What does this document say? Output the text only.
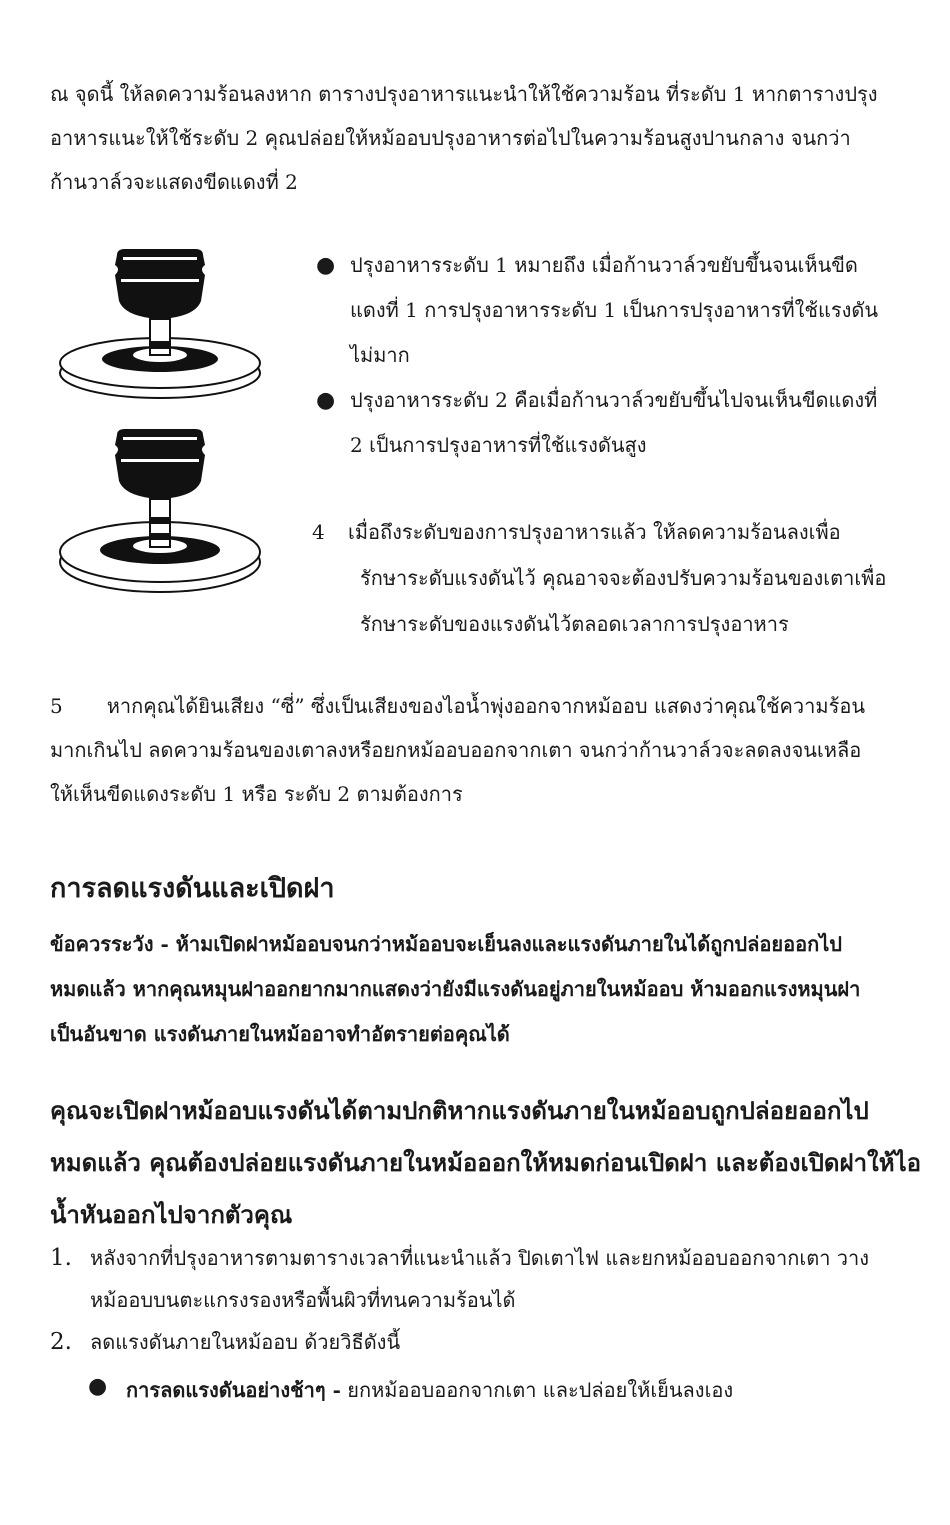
ณ จุดนี้ ให้ลดความร้อนลงหาก ตารางปรุงอาหารแนะนำให้ใช้ความร้อน ที่ระดับ 1 หากตารางปรุง
อาหารแนะให้ใช้ระดับ 2 คุณปล่อยให้หม้ออบปรุงอาหารต่อไปในความร้อนสูงปานกลาง จนกว่า
ก้านวาล์วจะแสดงขีดแดงที่ 2
● ปรุงอาหารระดับ 1 หมายถึง เมื่อก้านวาล์วขยับขึ้นจนเห็นขีด
แดงที่ 1 การปรุงอาหารระดับ 1 เป็นการปรุงอาหารที่ใช้แรงดัน
ไม่มาก
● ปรุงอาหารระดับ 2 คือเมื่อก้านวาล์วขยับขึ้นไปจนเห็นขีดแดงที่
2 เป็นการปรุงอาหารที่ใช้แรงดันสูง
4	เมื่อถึงระดับของการปรุงอาหารแล้ว ให้ลดความร้อนลงเพื่อ
รักษาระดับแรงดันไว้ คุณอาจจะต้องปรับความร้อนของเตาเพื่อ
รักษาระดับของแรงดันไว้ตลอดเวลาการปรุงอาหาร
5 หากคุณได้ยินเสียง “ซี่” ซึ่งเป็นเสียงของไอน้ำพุ่งออกจากหม้ออบ แสดงว่าคุณใช้ความร้อน
มากเกินไป ลดความร้อนของเตาลงหรือยกหม้ออบออกจากเตา จนกว่าก้านวาล์วจะลดลงจนเหลือ
ให้เห็นขีดแดงระดับ 1 หรือ ระดับ 2 ตามต้องการ
การลดแรงดันและเปิดฝา
ข้อควรระวัง - ห้ามเปิดฝาหม้ออบจนกว่าหม้ออบจะเย็นลงและแรงดันภายในได้ถูกปล่อยออกไป
หมดแล้ว หากคุณหมุนฝาออกยากมากแสดงว่ายังมีแรงดันอยู่ภายในหม้ออบ ห้ามออกแรงหมุนฝา
เป็นอันขาด แรงดันภายในหม้ออาจทำอัตรายต่อคุณได้
คุณจะเปิดฝาหม้ออบแรงดันได้ตามปกติหากแรงดันภายในหม้ออบถูกปล่อยออกไป
หมดแล้ว คุณต้องปล่อยแรงดันภายในหม้อออกให้หมดก่อนเปิดฝา และต้องเปิดฝาให้ไอ
น้ำหันออกไปจากตัวคุณ
1. หลังจากที่ปรุงอาหารตามตารางเวลาที่แนะนำแล้ว ปิดเตาไฟ และยกหม้ออบออกจากเตา วาง
หม้ออบบนตะแกรงรองหรือพื้นผิวที่ทนความร้อนได้
2. ลดแรงดันภายในหม้ออบ ด้วยวิธีดังนี้
● การลดแรงดันอย่างช้าๆ - ยกหม้ออบออกจากเตา และปล่อยให้เย็นลงเอง
